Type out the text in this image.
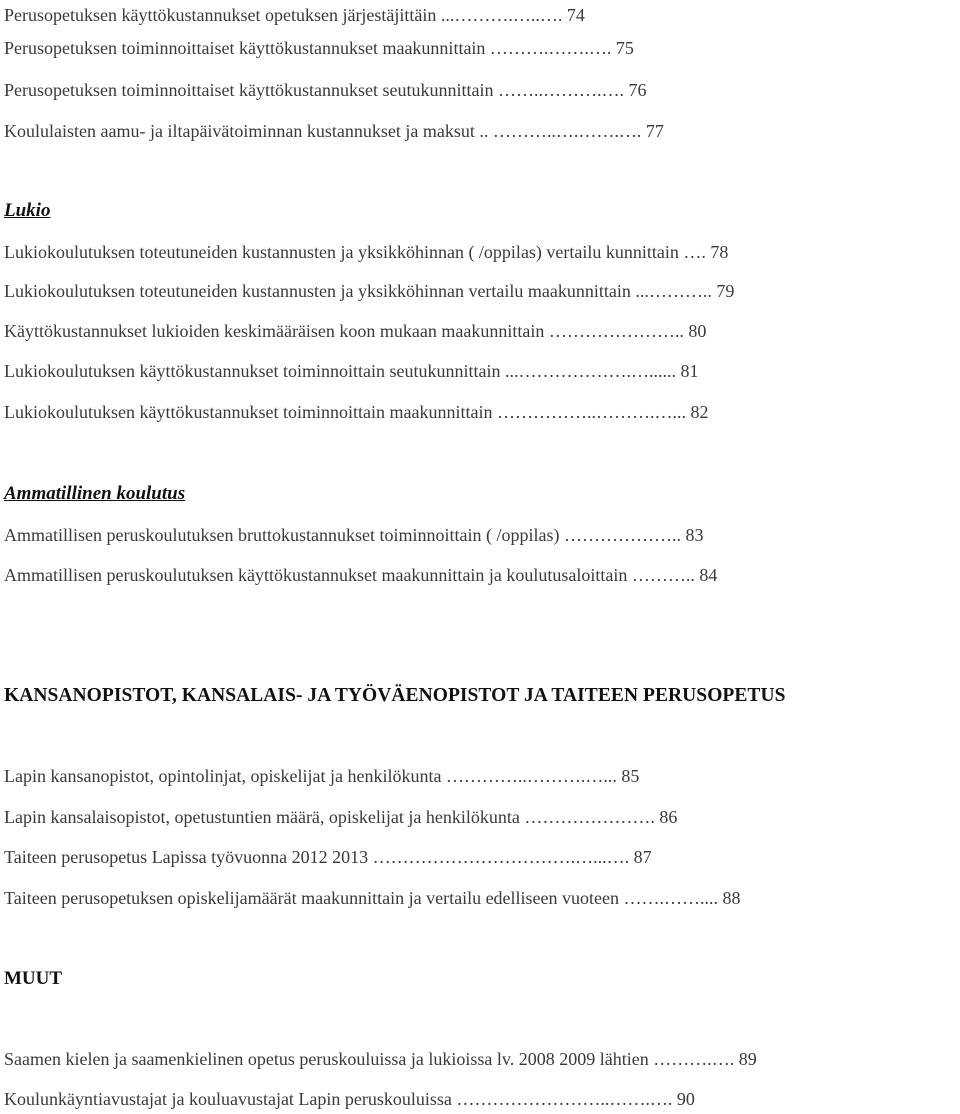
Perusopetuksen käyttökustannukset opetuksen järjestäjittäin ...……….…..…. 74
Perusopetuksen toiminnoittaiset käyttökustannukset maakunnittain ……….…….…. 75
Perusopetuksen toiminnoittaiset käyttökustannukset seutukunnittain ……..……….…. 76
Koululaisten aamu- ja iltapäivätoiminnan kustannukset ja maksut .. ………..….…….…. 77
Lukio
Lukiokoulutuksen toteutuneiden kustannusten ja yksikköhinnan ( /oppilas) vertailu kunnittain …. 78
Lukiokoulutuksen toteutuneiden kustannusten ja yksikköhinnan vertailu maakunnittain ...……….. 79
Käyttökustannukset lukioiden keskimääräisen koon mukaan maakunnittain ………………….. 80
Lukiokoulutuksen käyttökustannukset toiminnoittain seutukunnittain ...……………….…...... 81
Lukiokoulutuksen käyttökustannukset toiminnoittain maakunnittain ……………..……….…... 82
Ammatillinen koulutus
Ammatillisen peruskoulutuksen bruttokustannukset toiminnoittain ( /oppilas) ……………….. 83
Ammatillisen peruskoulutuksen käyttökustannukset maakunnittain ja koulutusaloittain ……….. 84
KANSANOPISTOT, KANSALAIS- JA TYÖVÄENOPISTOT JA TAITEEN PERUSOPETUS
Lapin kansanopistot, opintolinjat, opiskelijat ja henkilökunta …………..……….…... 85
Lapin kansalaisopistot, opetustuntien määrä, opiskelijat ja henkilökunta …………………. 86
Taiteen perusopetus Lapissa työvuonna 2012 2013 …………………………….…...…. 87
Taiteen perusopetuksen opiskelijamäärät maakunnittain ja vertailu edelliseen vuoteen …….…….... 88
MUUT
Saamen kielen ja saamenkielinen opetus peruskouluissa ja lukioissa lv. 2008 2009 lähtien ……….…. 89
Koulunkäyntiavustajat ja kouluavustajat Lapin peruskouluissa ……………………..…….…. 90
